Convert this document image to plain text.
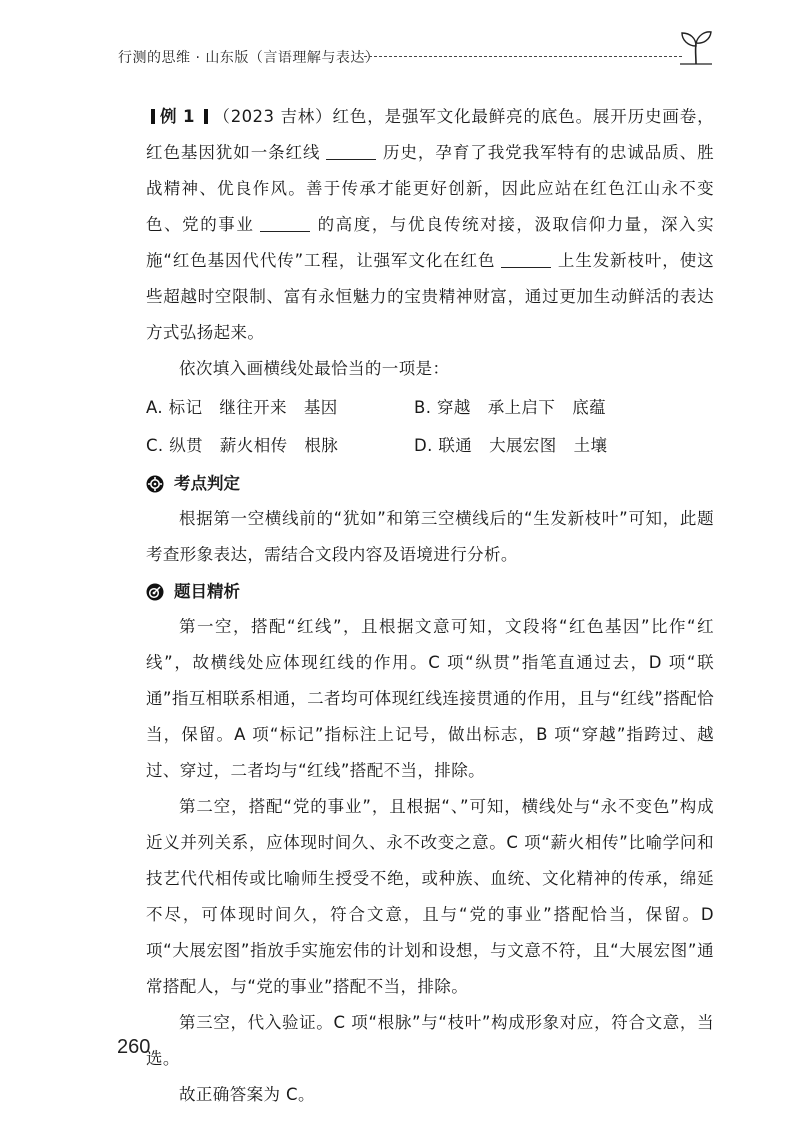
行测的思维 · 山东版（言语理解与表达）

例 1 （2023 吉林）红色，是强军文化最鲜亮的底色。展开历史画卷，红色基因犹如一条红线	历史，孕育了我党我军特有的忠诚品质、胜战精神、优良作风。善于传承才能更好创新，因此应站在红色江山永不变色、党的事业	的高度，与优良传统对接，汲取信仰力量，深入实施“红色基因代代传”工程，让强军文化在红色	上生发新枝叶，使这些超越时空限制、富有永恒魅力的宝贵精神财富，通过更加生动鲜活的表达方式弘扬起来。

依次填入画横线处最恰当的一项是：

A. 标记　继往开来　基因	B. 穿越　承上启下　底蕴
C. 纵贯　薪火相传　根脉	D. 联通　大展宏图　土壤
考点判定

根据第一空横线前的“犹如”和第三空横线后的“生发新枝叶”可知，此题考查形象表达，需结合文段内容及语境进行分析。

题目精析

第一空，搭配“红线”，且根据文意可知，文段将“红色基因”比作“红线”，故横线处应体现红线的作用。C 项“纵贯”指笔直通过去，D 项“联通”指互相联系相通，二者均可体现红线连接贯通的作用，且与“红线”搭配恰当，保留。A 项“标记”指标注上记号，做出标志，B 项“穿越”指跨过、越过、穿过，二者均与“红线”搭配不当，排除。

第二空，搭配“党的事业”，且根据“、”可知，横线处与“永不变色”构成近义并列关系，应体现时间久、永不改变之意。C 项“薪火相传”比喻学问和技艺代代相传或比喻师生授受不绝，或种族、血统、文化精神的传承，绵延不尽，可体现时间久，符合文意，且与“党的事业”搭配恰当，保留。D 项“大展宏图”指放手实施宏伟的计划和设想，与文意不符，且“大展宏图”通常搭配人，与“党的事业”搭配不当，排除。

第三空，代入验证。C 项“根脉”与“枝叶”构成形象对应，符合文意，当选。

故正确答案为 C。

260
